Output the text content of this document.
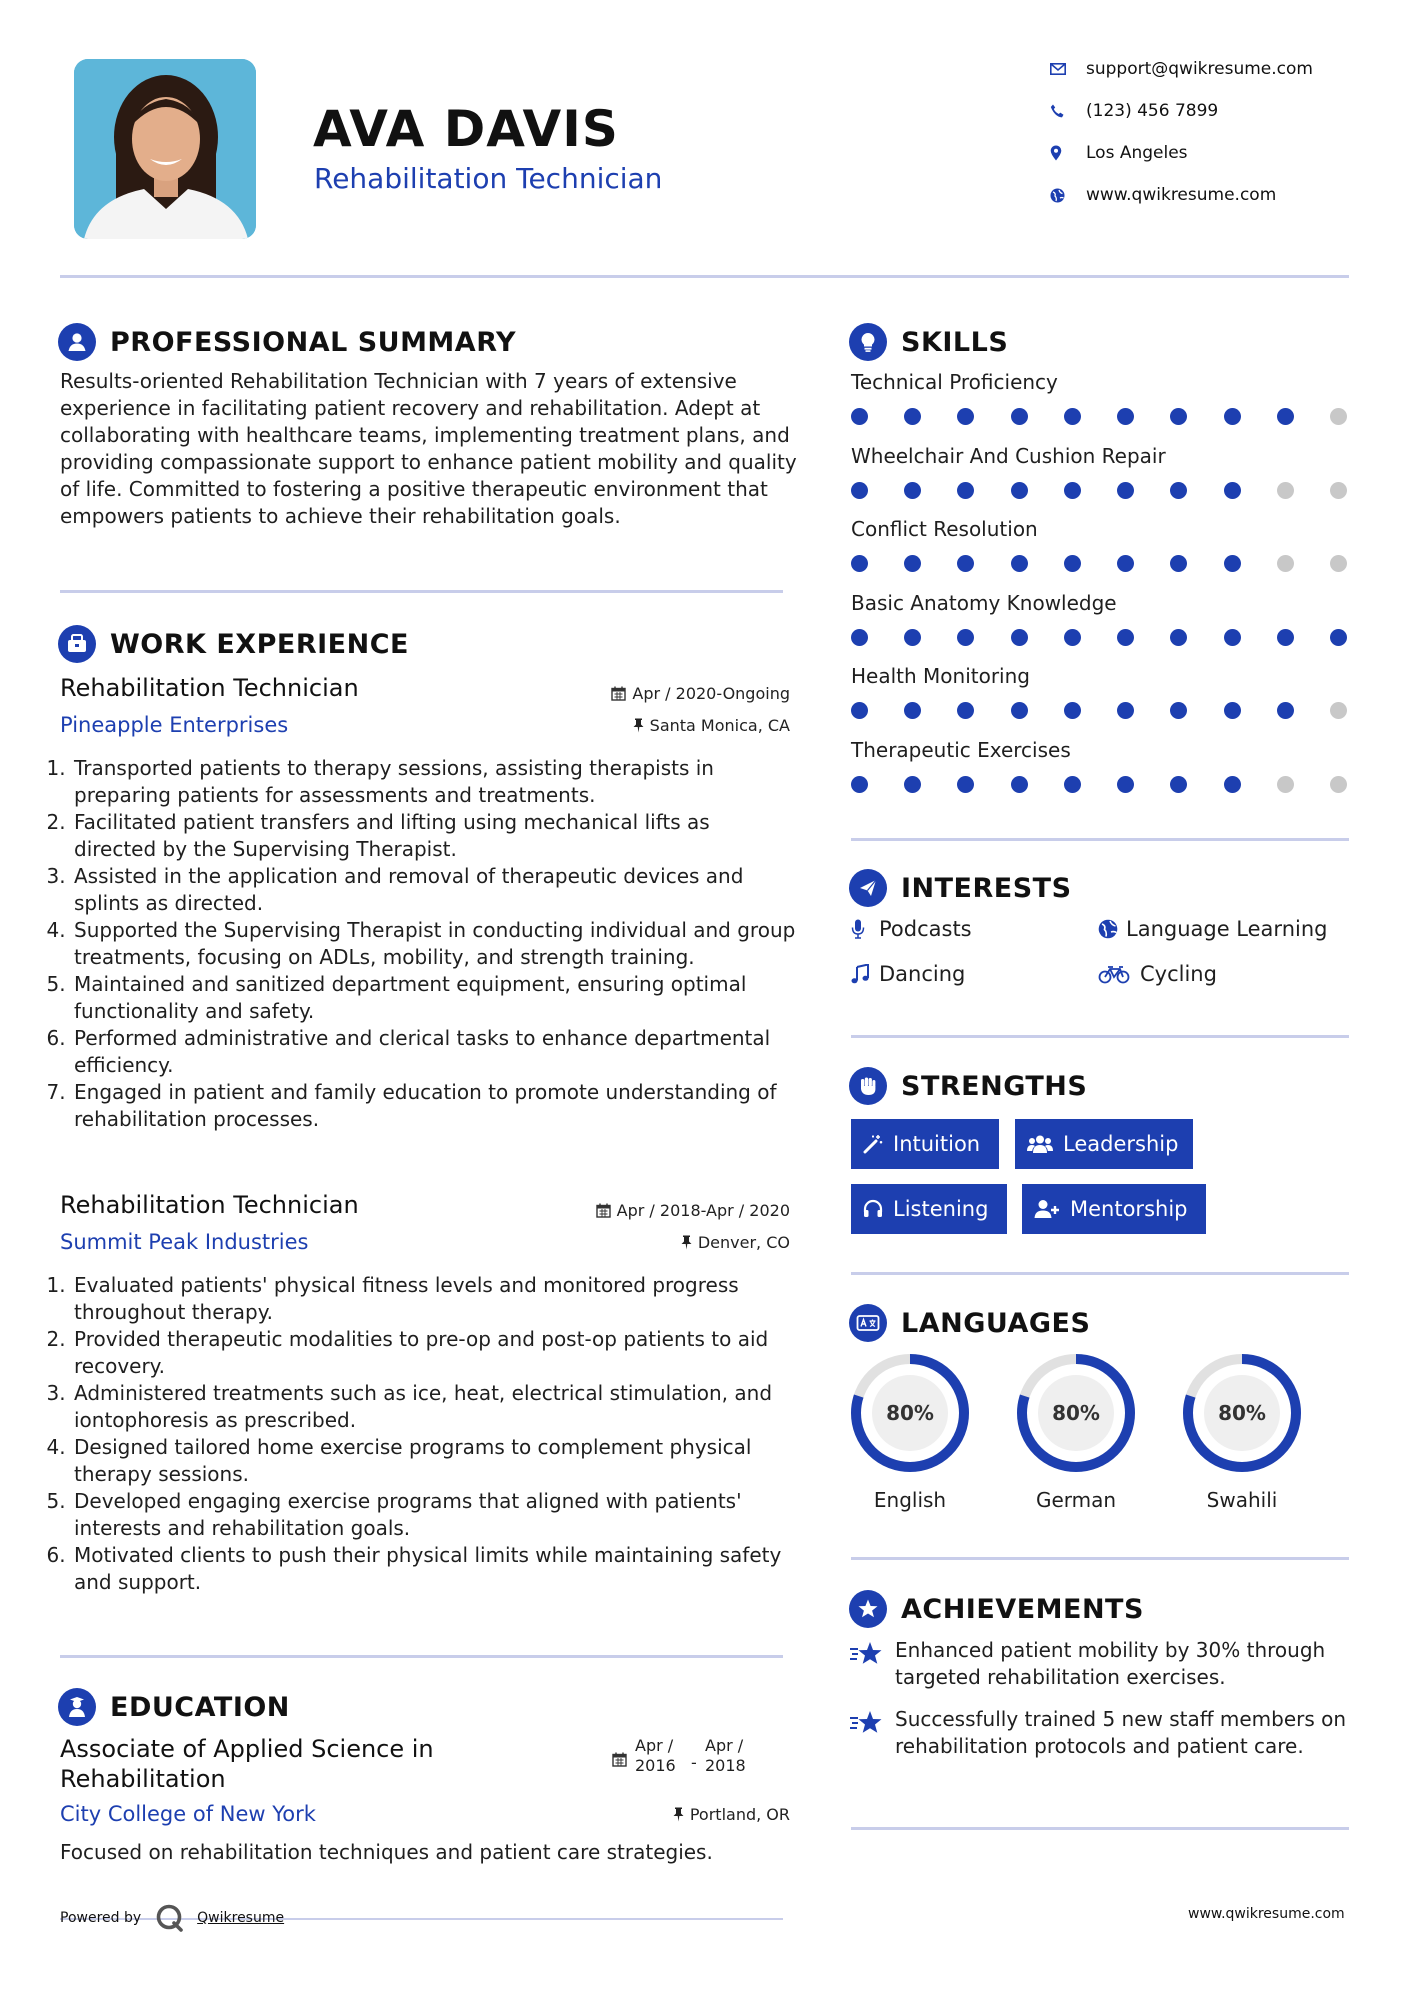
AVA DAVIS
Rehabilitation Technician
support@qwikresume.com
(123) 456 7899
Los Angeles
www.qwikresume.com
PROFESSIONAL SUMMARY
Results-oriented Rehabilitation Technician with 7 years of extensive experience in facilitating patient recovery and rehabilitation. Adept at collaborating with healthcare teams, implementing treatment plans, and providing compassionate support to enhance patient mobility and quality of life. Committed to fostering a positive therapeutic environment that empowers patients to achieve their rehabilitation goals.
WORK EXPERIENCE
Rehabilitation Technician	Apr / 2020-Ongoing
Pineapple Enterprises	Santa Monica, CA
1. Transported patients to therapy sessions, assisting therapists in preparing patients for assessments and treatments.
2. Facilitated patient transfers and lifting using mechanical lifts as directed by the Supervising Therapist.
3. Assisted in the application and removal of therapeutic devices and splints as directed.
4. Supported the Supervising Therapist in conducting individual and group treatments, focusing on ADLs, mobility, and strength training.
5. Maintained and sanitized department equipment, ensuring optimal functionality and safety.
6. Performed administrative and clerical tasks to enhance departmental efficiency.
7. Engaged in patient and family education to promote understanding of rehabilitation processes.
Rehabilitation Technician	Apr / 2018-Apr / 2020
Summit Peak Industries	Denver, CO
1. Evaluated patients' physical fitness levels and monitored progress throughout therapy.
2. Provided therapeutic modalities to pre-op and post-op patients to aid recovery.
3. Administered treatments such as ice, heat, electrical stimulation, and iontophoresis as prescribed.
4. Designed tailored home exercise programs to complement physical therapy sessions.
5. Developed engaging exercise programs that aligned with patients' interests and rehabilitation goals.
6. Motivated clients to push their physical limits while maintaining safety and support.
EDUCATION
Associate of Applied Science in Rehabilitation
Apr / 2016 -
Apr / 2018
City College of New York	Portland, OR
Focused on rehabilitation techniques and patient care strategies.
SKILLS
Technical Proficiency
Wheelchair And Cushion Repair
Conflict Resolution
Basic Anatomy Knowledge
Health Monitoring
Therapeutic Exercises
INTERESTS
Podcasts	Language Learning
Dancing	Cycling
STRENGTHS
Intuition	Leadership
Listening	Mentorship
LANGUAGES
80%
English
80%
German
80%
Swahili
ACHIEVEMENTS
Enhanced patient mobility by 30% through targeted rehabilitation exercises.
Successfully trained 5 new staff members on rehabilitation protocols and patient care.
Powered by	Qwikresume	www.qwikresume.com
